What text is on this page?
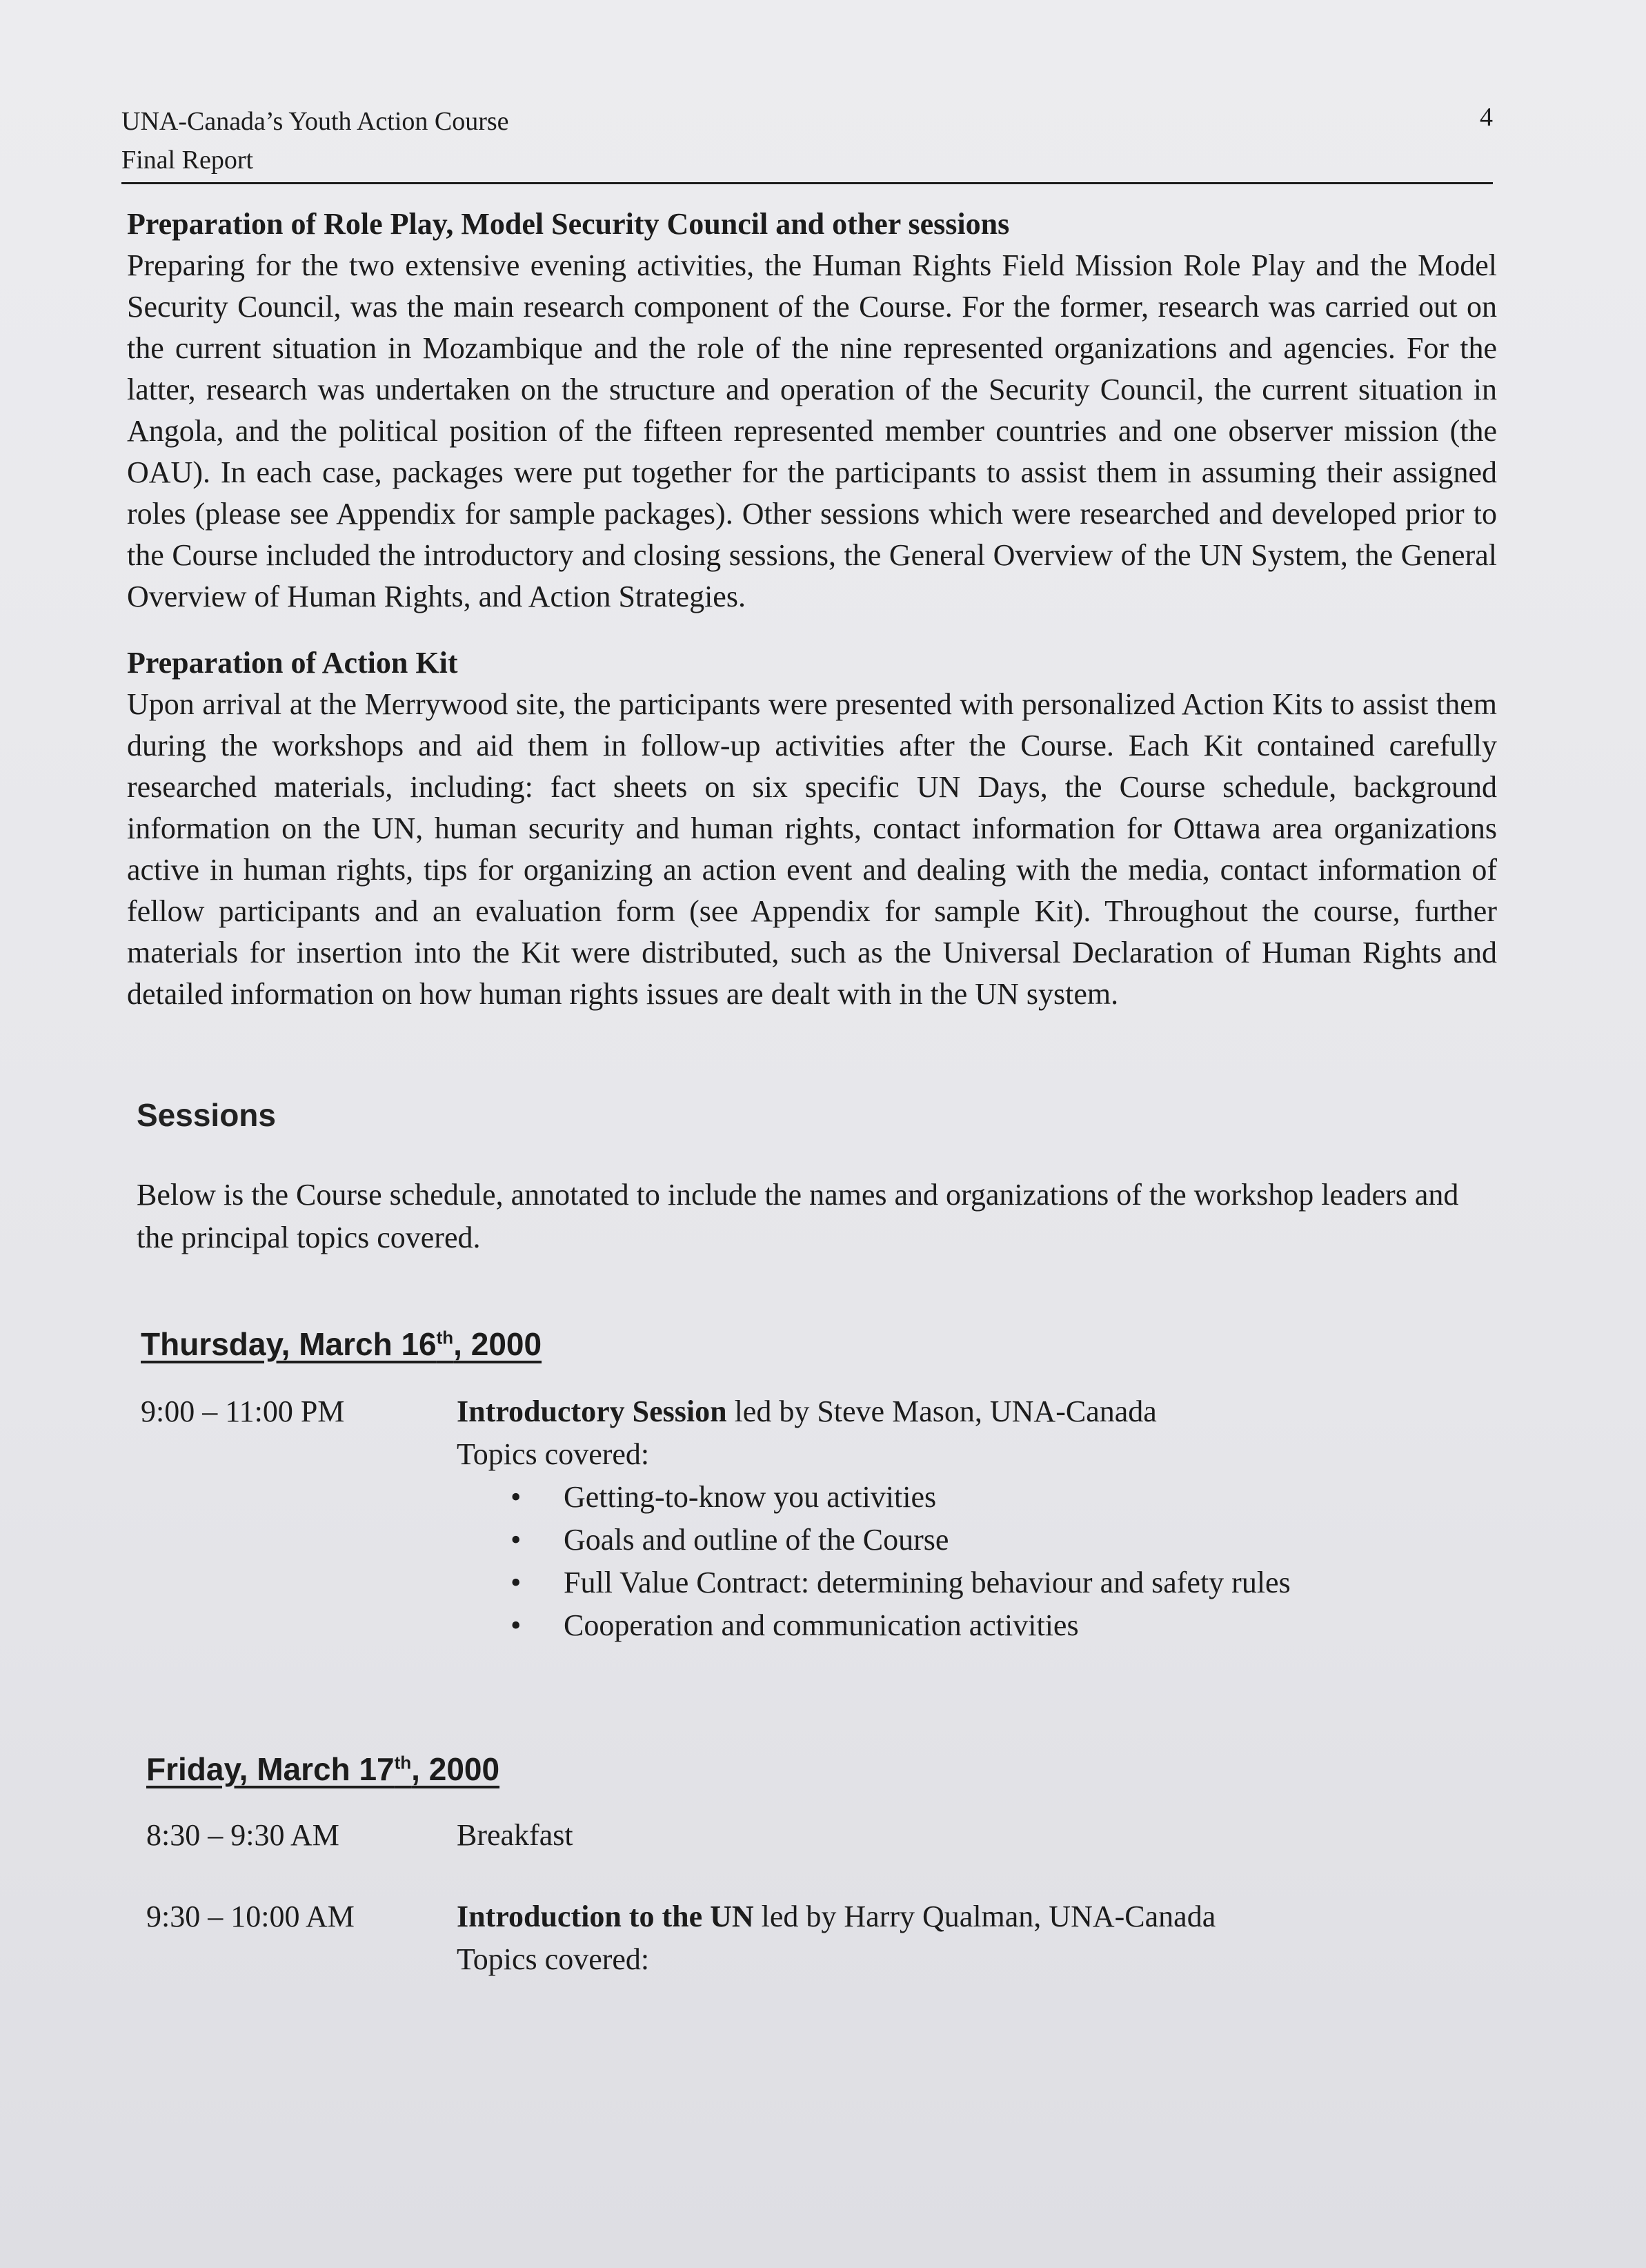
UNA-Canada’s Youth Action Course
Final Report
4

Preparation of Role Play, Model Security Council and other sessions

Preparing for the two extensive evening activities, the Human Rights Field Mission Role Play and the Model Security Council, was the main research component of the Course. For the former, research was carried out on the current situation in Mozambique and the role of the nine represented organizations and agencies. For the latter, research was undertaken on the structure and operation of the Security Council, the current situation in Angola, and the political position of the fifteen represented member countries and one observer mission (the OAU). In each case, packages were put together for the participants to assist them in assuming their assigned roles (please see Appendix for sample packages). Other sessions which were researched and developed prior to the Course included the introductory and closing sessions, the General Overview of the UN System, the General Overview of Human Rights, and Action Strategies.

Preparation of Action Kit

Upon arrival at the Merrywood site, the participants were presented with personalized Action Kits to assist them during the workshops and aid them in follow-up activities after the Course. Each Kit contained carefully researched materials, including: fact sheets on six specific UN Days, the Course schedule, background information on the UN, human security and human rights, contact information for Ottawa area organizations active in human rights, tips for organizing an action event and dealing with the media, contact information of fellow participants and an evaluation form (see Appendix for sample Kit). Throughout the course, further materials for insertion into the Kit were distributed, such as the Universal Declaration of Human Rights and detailed information on how human rights issues are dealt with in the UN system.

Sessions
Below is the Course schedule, annotated to include the names and organizations of the workshop leaders and the principal topics covered.
Thursday, March 16th, 2000
9:00 – 11:00 PM	Introductory Session led by Steve Mason, UNA-Canada
Topics covered:
• Getting-to-know you activities
• Goals and outline of the Course
• Full Value Contract: determining behaviour and safety rules
• Cooperation and communication activities
Friday, March 17th, 2000
8:30 – 9:30 AM	Breakfast
9:30 – 10:00 AM	Introduction to the UN led by Harry Qualman, UNA-Canada
Topics covered:
